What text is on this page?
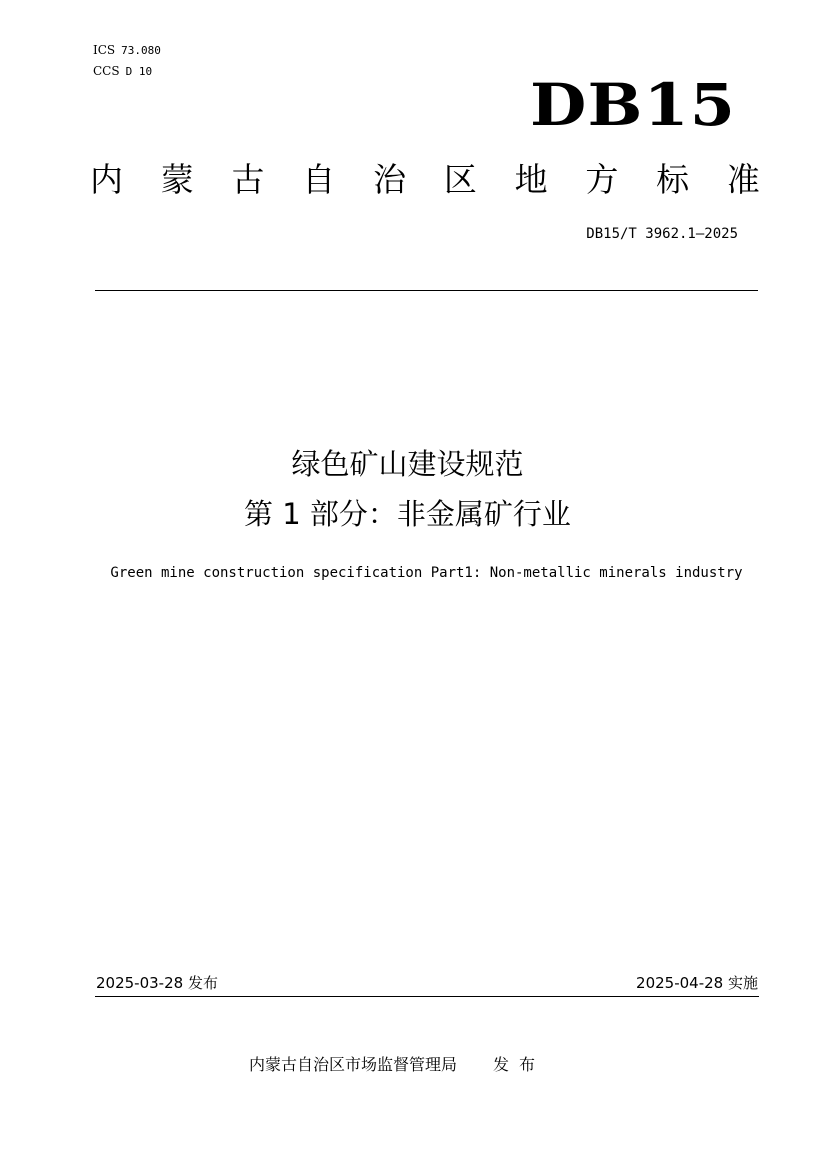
ICS 73.080
CCS D 10	DB15
内 蒙 古 自 治 区 地 方 标 准
DB15/T 3962.1—2025
绿色矿山建设规范
第 1 部分：非金属矿行业
Green mine construction specification Part1: Non-metallic minerals industry
2025-03-28 发布	2025-04-28 实施
内蒙古自治区市场监督管理局 发布
